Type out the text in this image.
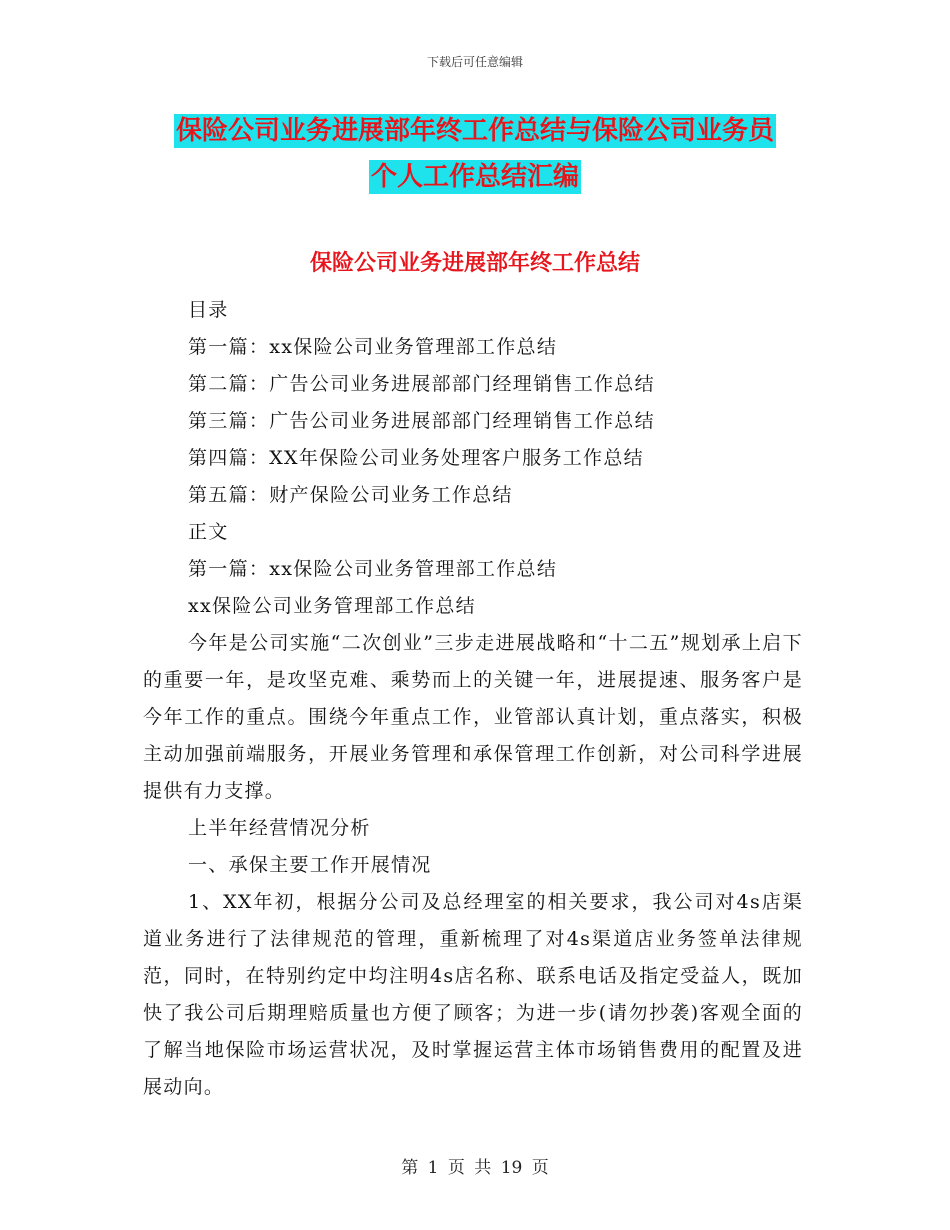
下载后可任意编辑
保险公司业务进展部年终工作总结与保险公司业务员
个人工作总结汇编
保险公司业务进展部年终工作总结

目录

第一篇：xx保险公司业务管理部工作总结

第二篇：广告公司业务进展部部门经理销售工作总结

第三篇：广告公司业务进展部部门经理销售工作总结

第四篇：XX年保险公司业务处理客户服务工作总结

第五篇：财产保险公司业务工作总结

正文

第一篇：xx保险公司业务管理部工作总结

xx保险公司业务管理部工作总结

今年是公司实施“二次创业”三步走进展战略和“十二五”规划承上启下的重要一年，是攻坚克难、乘势而上的关键一年，进展提速、服务客户是今年工作的重点。围绕今年重点工作，业管部认真计划，重点落实，积极主动加强前端服务，开展业务管理和承保管理工作创新，对公司科学进展提供有力支撑。

上半年经营情况分析

一、承保主要工作开展情况

1、XX年初，根据分公司及总经理室的相关要求，我公司对4s店渠道业务进行了法律规范的管理，重新梳理了对4s渠道店业务签单法律规范，同时，在特别约定中均注明4s店名称、联系电话及指定受益人，既加快了我公司后期理赔质量也方便了顾客；为进一步(请勿抄袭)客观全面的了解当地保险市场运营状况，及时掌握运营主体市场销售费用的配置及进展动向。

第 1 页 共 19 页
